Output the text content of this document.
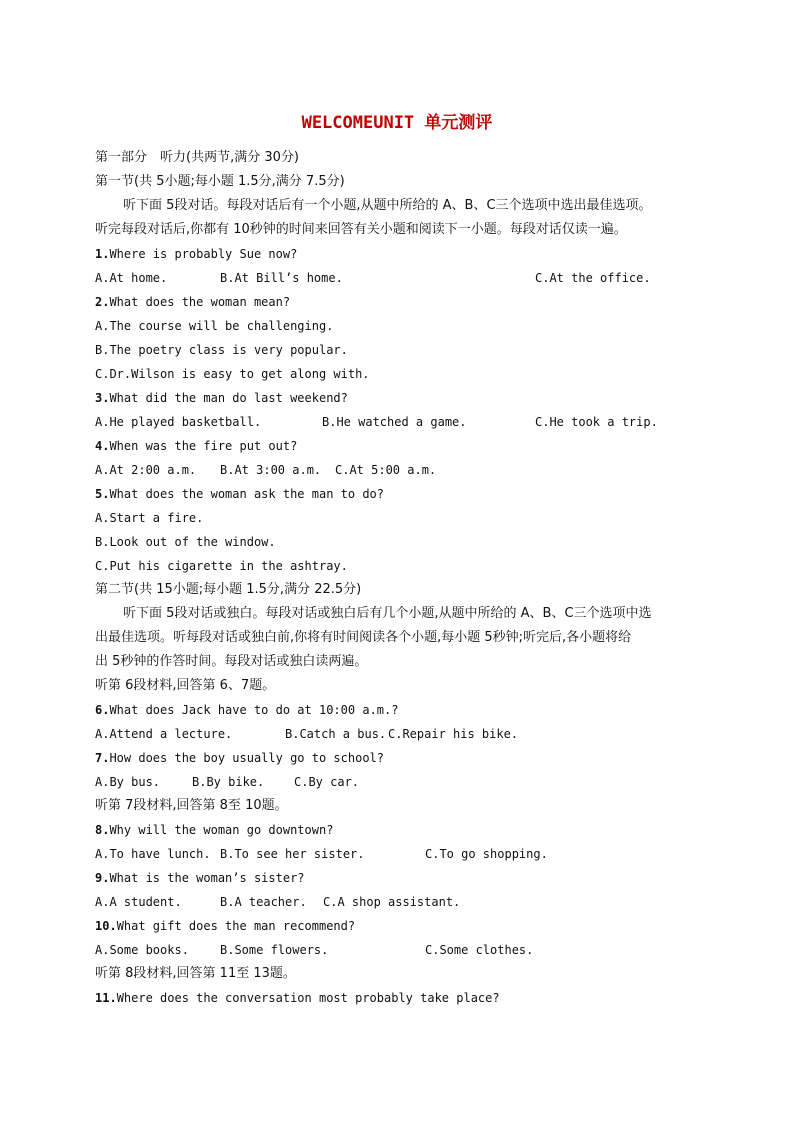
WELCOMEUNIT 单元测评
第一部分　听力(共两节,满分 30分)
第一节(共 5小题;每小题 1.5分,满分 7.5分)
听下面 5段对话。每段对话后有一个小题,从题中所给的 A、B、C三个选项中选出最佳选项。
听完每段对话后,你都有 10秒钟的时间来回答有关小题和阅读下一小题。每段对话仅读一遍。
1.Where is probably Sue now?
A.At home.	B.At Bill’s home.	C.At the office.
2.What does the woman mean?
A.The course will be challenging.
B.The poetry class is very popular.
C.Dr.Wilson is easy to get along with.
3.What did the man do last weekend?
A.He played basketball.	B.He watched a game.	C.He took a trip.
4.When was the fire put out?
A.At 2:00 a.m. B.At 3:00 a.m. C.At 5:00 a.m.
5.What does the woman ask the man to do?
A.Start a fire.
B.Look out of the window.
C.Put his cigarette in the ashtray.
第二节(共 15小题;每小题 1.5分,满分 22.5分)
听下面 5段对话或独白。每段对话或独白后有几个小题,从题中所给的 A、B、C三个选项中选
出最佳选项。听每段对话或独白前,你将有时间阅读各个小题,每小题 5秒钟;听完后,各小题将给
出 5秒钟的作答时间。每段对话或独白读两遍。
听第 6段材料,回答第 6、7题。
6.What does Jack have to do at 10:00 a.m.?
A.Attend a lecture.	B.Catch a bus. C.Repair his bike.
7.How does the boy usually go to school?
A.By bus.	B.By bike. C.By car.
听第 7段材料,回答第 8至 10题。
8.Why will the woman go downtown?
A.To have lunch. B.To see her sister.	C.To go shopping.
9.What is the woman’s sister?
A.A student.	B.A teacher. C.A shop assistant.
10.What gift does the man recommend?
A.Some books.	B.Some flowers.	C.Some clothes.
听第 8段材料,回答第 11至 13题。
11.Where does the conversation most probably take place?
